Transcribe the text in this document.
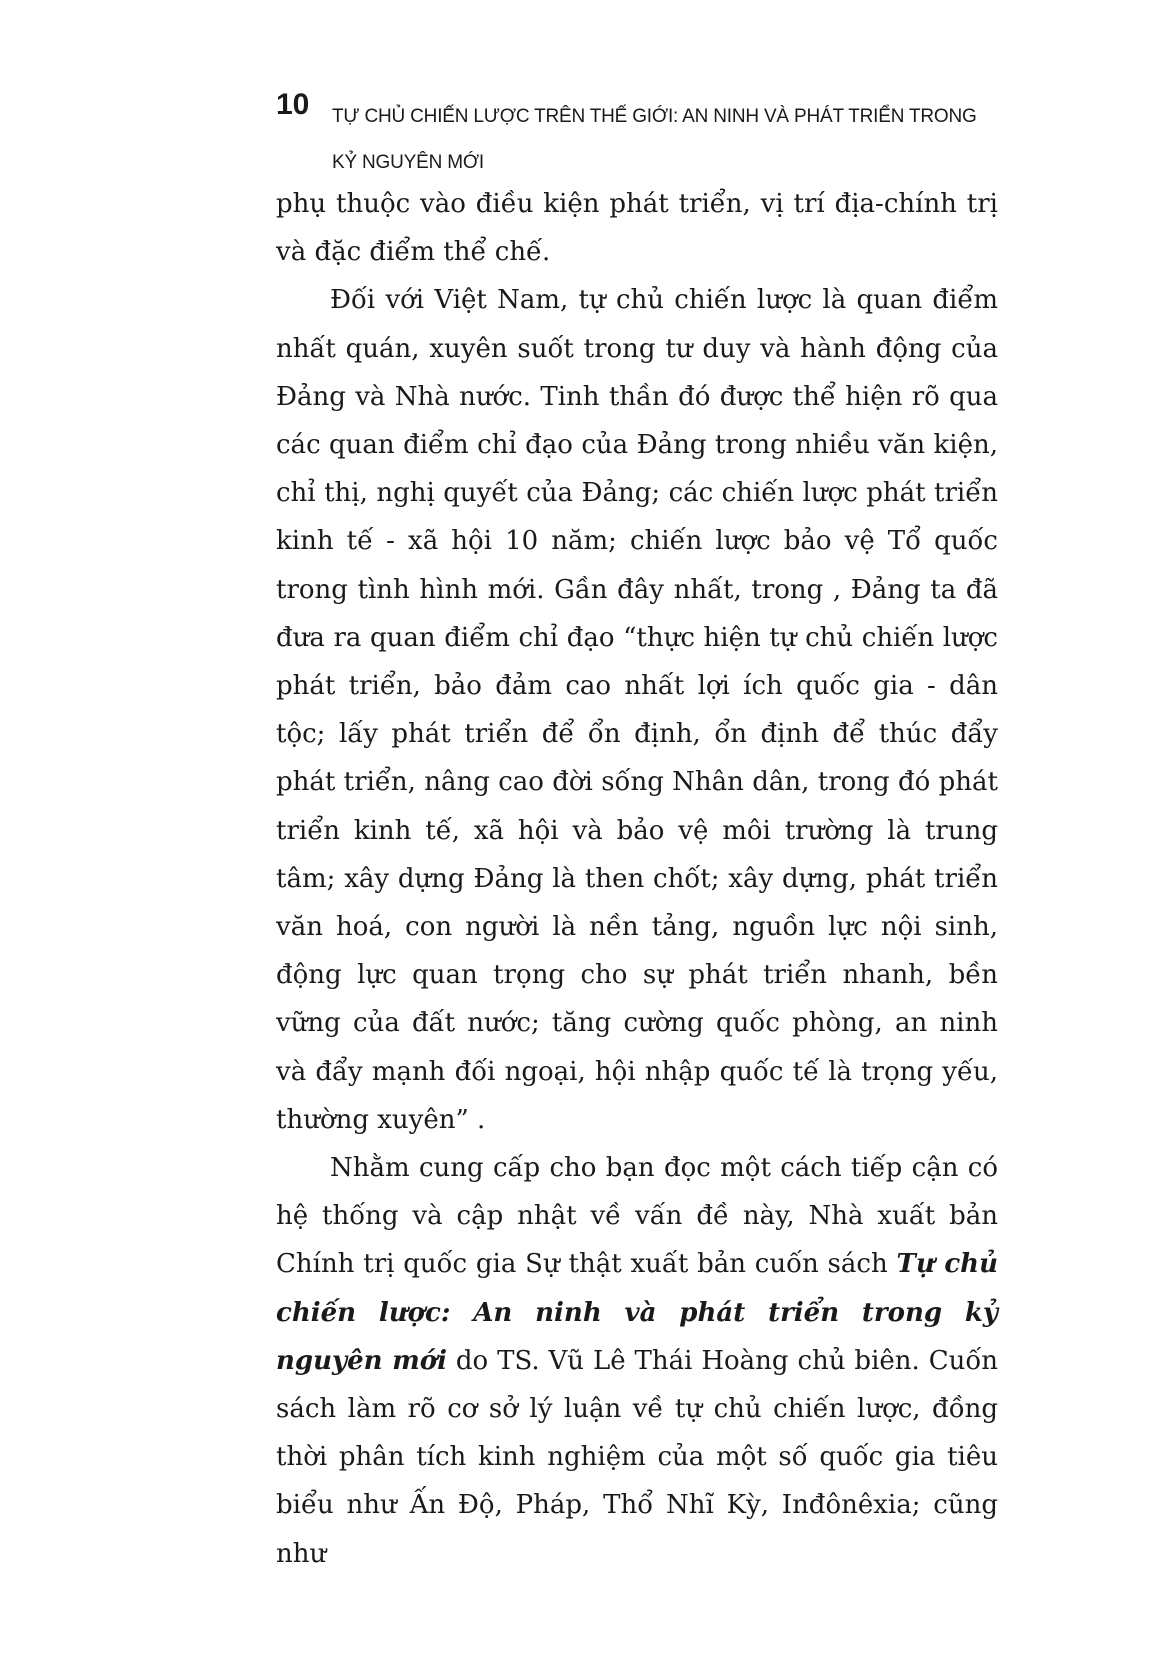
10 TỰ CHỦ CHIẾN LƯỢC TRÊN THẾ GIỚI: AN NINH VÀ PHÁT TRIỂN TRONG KỶ NGUYÊN MỚI

phụ thuộc vào điều kiện phát triển, vị trí địa-chính trị và đặc điểm thể chế.

Đối với Việt Nam, tự chủ chiến lược là quan điểm nhất quán, xuyên suốt trong tư duy và hành động của Đảng và Nhà nước. Tinh thần đó được thể hiện rõ qua các quan điểm chỉ đạo của Đảng trong nhiều văn kiện, chỉ thị, nghị quyết của Đảng; các chiến lược phát triển kinh tế - xã hội 10 năm; chiến lược bảo vệ Tổ quốc trong tình hình mới. Gần đây nhất, trong , Đảng ta đã đưa ra quan điểm chỉ đạo “thực hiện tự chủ chiến lược phát triển, bảo đảm cao nhất lợi ích quốc gia - dân tộc; lấy phát triển để ổn định, ổn định để thúc đẩy phát triển, nâng cao đời sống Nhân dân, trong đó phát triển kinh tế, xã hội và bảo vệ môi trường là trung tâm; xây dựng Đảng là then chốt; xây dựng, phát triển văn hoá, con người là nền tảng, nguồn lực nội sinh, động lực quan trọng cho sự phát triển nhanh, bền vững của đất nước; tăng cường quốc phòng, an ninh và đẩy mạnh đối ngoại, hội nhập quốc tế là trọng yếu, thường xuyên” .

Nhằm cung cấp cho bạn đọc một cách tiếp cận có hệ thống và cập nhật về vấn đề này, Nhà xuất bản Chính trị quốc gia Sự thật xuất bản cuốn sách Tự chủ chiến lược: An ninh và phát triển trong kỷ nguyên mới do TS. Vũ Lê Thái Hoàng chủ biên. Cuốn sách làm rõ cơ sở lý luận về tự chủ chiến lược, đồng thời phân tích kinh nghiệm của một số quốc gia tiêu biểu như Ấn Độ, Pháp, Thổ Nhĩ Kỳ, Inđônêxia; cũng như
